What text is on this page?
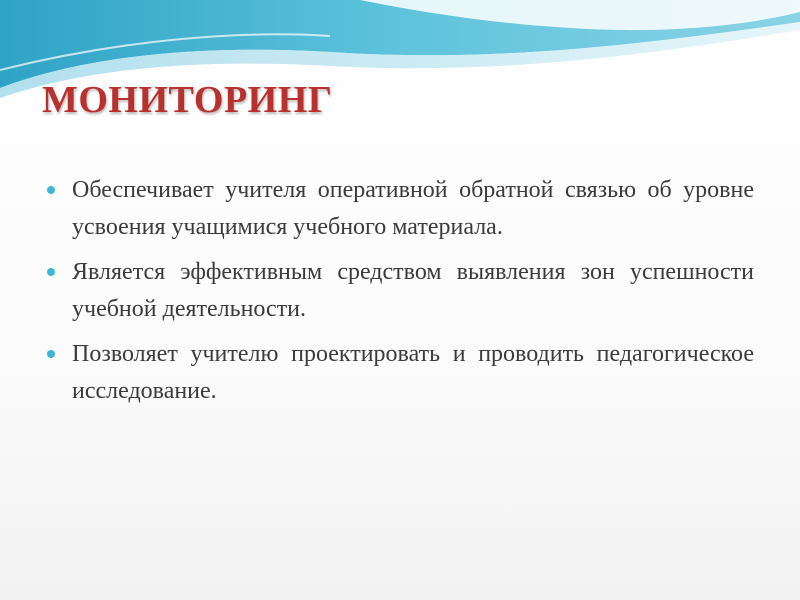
МОНИТОРИНГ
Обеспечивает учителя оперативной обратной связью об уровне усвоения учащимися учебного материала.
Является эффективным средством выявления зон успешности учебной деятельности.
Позволяет учителю проектировать и проводить педагогическое исследование.
